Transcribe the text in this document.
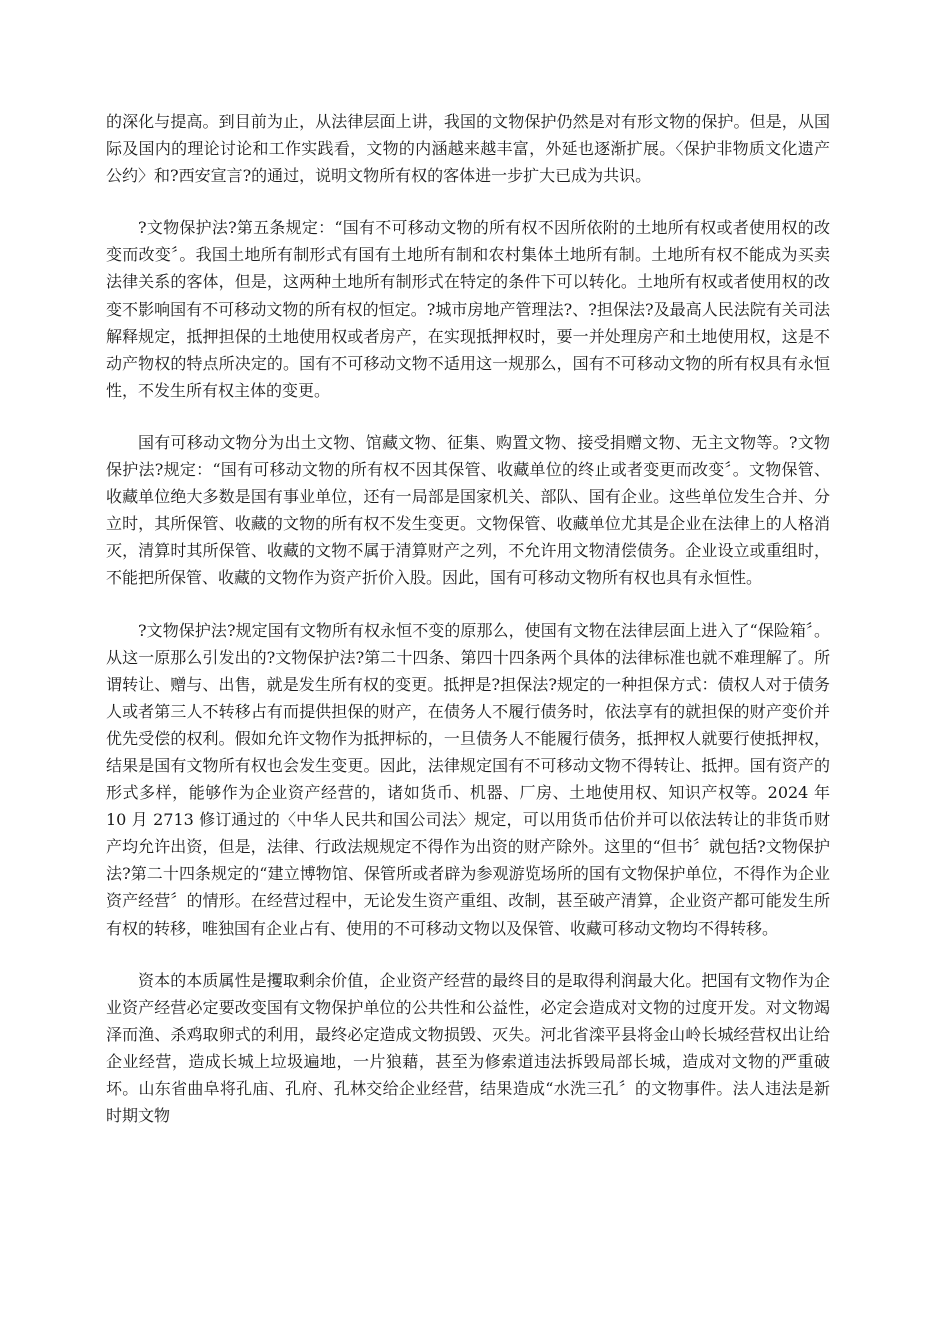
的深化与提高。到目前为止，从法律层面上讲，我国的文物保护仍然是对有形文物的保护。但是，从国际及国内的理论讨论和工作实践看，文物的内涵越来越丰富，外延也逐渐扩展。〈保护非物质文化遗产公约〉和?西安宣言?的通过，说明文物所有权的客体进一步扩大已成为共识。

?文物保护法?第五条规定：“国有不可移动文物的所有权不因所依附的土地所有权或者使用权的改变而改变〞。我国土地所有制形式有国有土地所有制和农村集体土地所有制。土地所有权不能成为买卖法律关系的客体，但是，这两种土地所有制形式在特定的条件下可以转化。土地所有权或者使用权的改变不影响国有不可移动文物的所有权的恒定。?城市房地产管理法?、?担保法?及最高人民法院有关司法解释规定，抵押担保的土地使用权或者房产，在实现抵押权时，要一并处理房产和土地使用权，这是不动产物权的特点所决定的。国有不可移动文物不适用这一规那么，国有不可移动文物的所有权具有永恒性，不发生所有权主体的变更。

国有可移动文物分为出土文物、馆藏文物、征集、购置文物、接受捐赠文物、无主文物等。?文物保护法?规定：“国有可移动文物的所有权不因其保管、收藏单位的终止或者变更而改变〞。文物保管、收藏单位绝大多数是国有事业单位，还有一局部是国家机关、部队、国有企业。这些单位发生合并、分立时，其所保管、收藏的文物的所有权不发生变更。文物保管、收藏单位尤其是企业在法律上的人格消灭，清算时其所保管、收藏的文物不属于清算财产之列，不允许用文物清偿债务。企业设立或重组时，不能把所保管、收藏的文物作为资产折价入股。因此，国有可移动文物所有权也具有永恒性。

?文物保护法?规定国有文物所有权永恒不变的原那么，使国有文物在法律层面上进入了“保险箱〞。从这一原那么引发出的?文物保护法?第二十四条、第四十四条两个具体的法律标准也就不难理解了。所谓转让、赠与、出售，就是发生所有权的变更。抵押是?担保法?规定的一种担保方式：债权人对于债务人或者第三人不转移占有而提供担保的财产，在债务人不履行债务时，依法享有的就担保的财产变价并优先受偿的权利。假如允许文物作为抵押标的，一旦债务人不能履行债务，抵押权人就要行使抵押权，结果是国有文物所有权也会发生变更。因此，法律规定国有不可移动文物不得转让、抵押。国有资产的形式多样，能够作为企业资产经营的，诸如货币、机器、厂房、土地使用权、知识产权等。2024 年 10 月 2713 修订通过的〈中华人民共和国公司法〉规定，可以用货币估价并可以依法转让的非货币财产均允许出资，但是，法律、行政法规规定不得作为出资的财产除外。这里的“但书〞就包括?文物保护法?第二十四条规定的“建立博物馆、保管所或者辟为参观游览场所的国有文物保护单位，不得作为企业资产经营〞的情形。在经营过程中，无论发生资产重组、改制，甚至破产清算，企业资产都可能发生所有权的转移，唯独国有企业占有、使用的不可移动文物以及保管、收藏可移动文物均不得转移。

资本的本质属性是攫取剩余价值，企业资产经营的最终目的是取得利润最大化。把国有文物作为企业资产经营必定要改变国有文物保护单位的公共性和公益性，必定会造成对文物的过度开发。对文物竭泽而渔、杀鸡取卵式的利用，最终必定造成文物损毁、灭失。河北省滦平县将金山岭长城经营权出让给企业经营，造成长城上垃圾遍地，一片狼藉，甚至为修索道违法拆毁局部长城，造成对文物的严重破坏。山东省曲阜将孔庙、孔府、孔林交给企业经营，结果造成“水洗三孔〞的文物事件。法人违法是新时期文物
